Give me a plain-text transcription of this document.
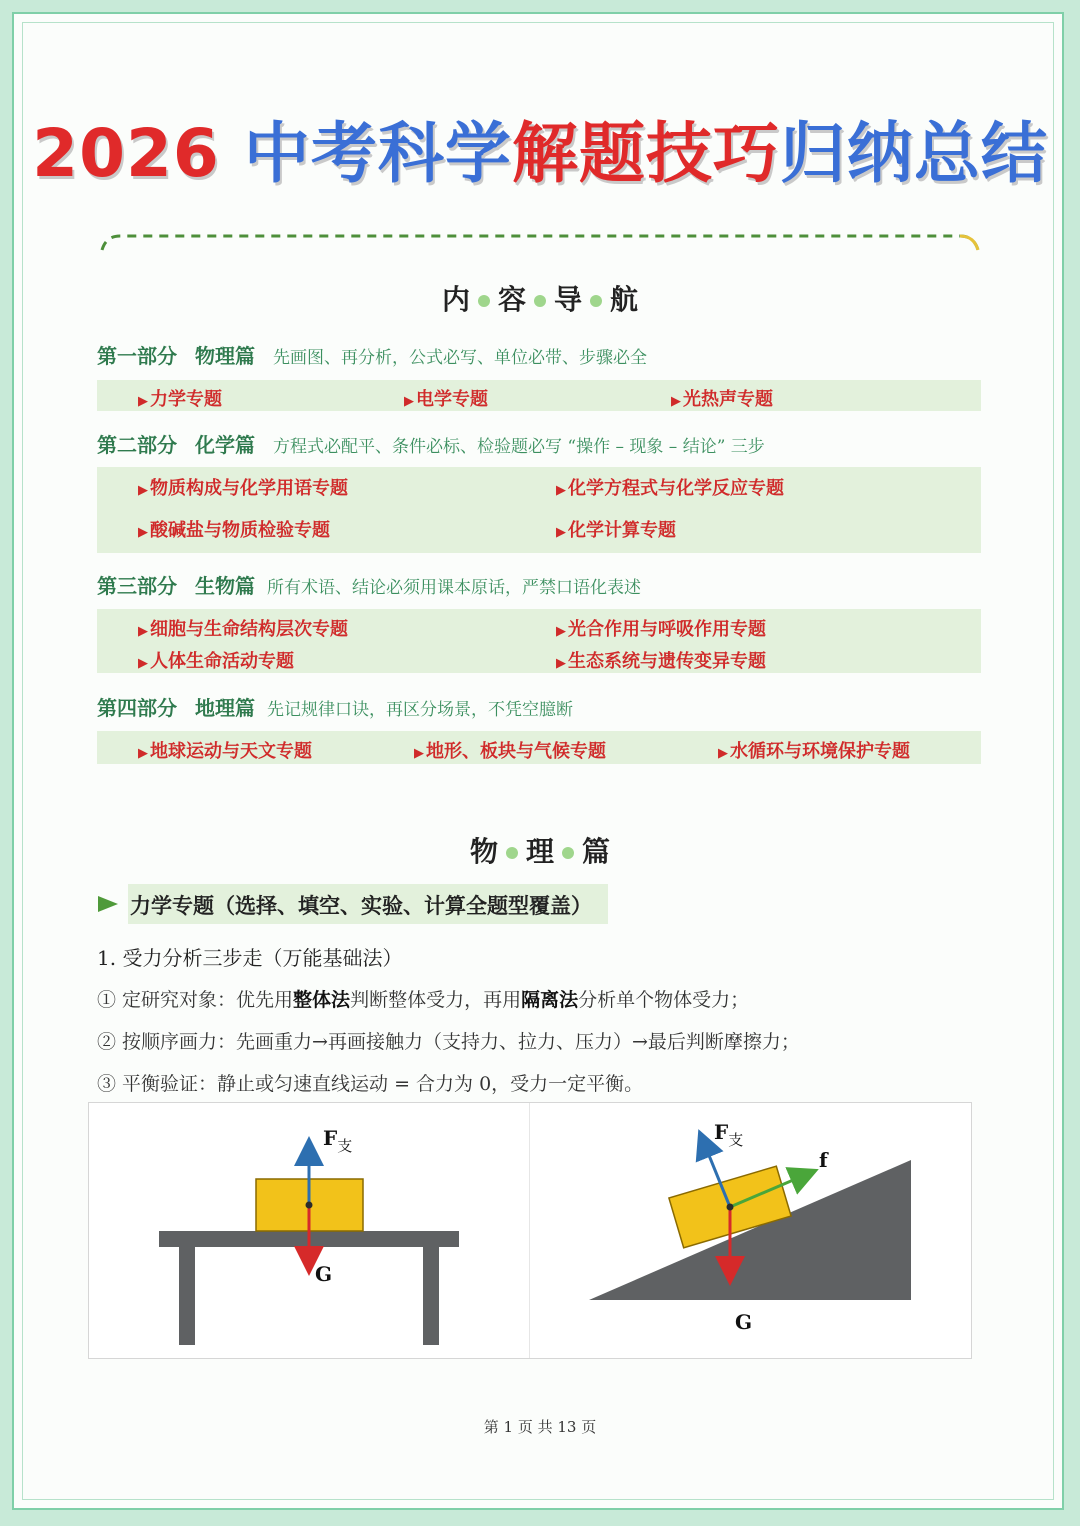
2026 中考科学解题技巧归纳总结
内 容 导 航
第一部分 物理篇 先画图、再分析，公式必写、单位必带、步骤必全
▶ 力学专题	▶ 电学专题	▶ 光热声专题
第二部分 化学篇 方程式必配平、条件必标、检验题必写 “操作 – 现象 – 结论” 三步
▶ 物质构成与化学用语专题	▶ 化学方程式与化学反应专题
▶ 酸碱盐与物质检验专题	▶ 化学计算专题
第三部分 生物篇 所有术语、结论必须用课本原话，严禁口语化表述
▶ 细胞与生命结构层次专题	▶ 光合作用与呼吸作用专题
▶ 人体生命活动专题	▶ 生态系统与遗传变异专题
第四部分 地理篇 先记规律口诀，再区分场景，不凭空臆断
▶ 地球运动与天文专题	▶ 地形、板块与气候专题	▶ 水循环与环境保护专题
物 理 篇
力学专题（选择、填空、实验、计算全题型覆盖）
1. 受力分析三步走（万能基础法）
① 定研究对象：优先用整体法判断整体受力，再用隔离法分析单个物体受力；
② 按顺序画力：先画重力→再画接触力（支持力、拉力、压力）→最后判断摩擦力；
③ 平衡验证：静止或匀速直线运动 = 合力为 0，受力一定平衡。
$F_支$
G
$F_支$
f
G
第 1 页 共 13 页
